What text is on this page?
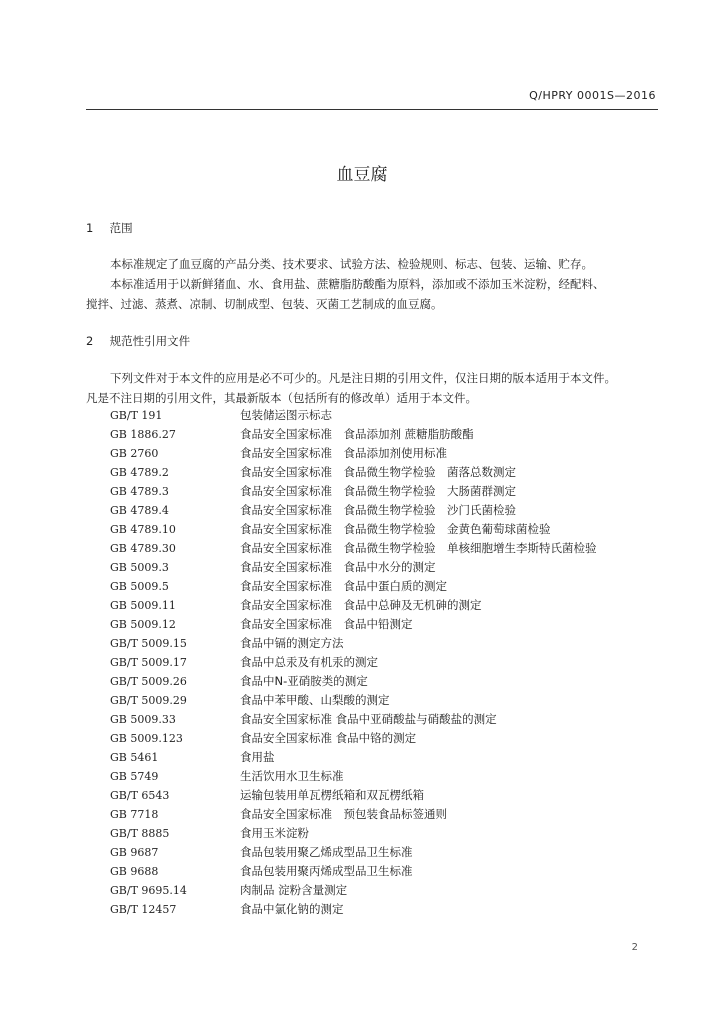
Q/HPRY 0001S—2016
血豆腐
1 范围
本标准规定了血豆腐的产品分类、技术要求、试验方法、检验规则、标志、包装、运输、贮存。
本标准适用于以新鲜猪血、水、食用盐、蔗糖脂肪酸酯为原料，添加或不添加玉米淀粉，经配料、
搅拌、过滤、蒸煮、凉制、切制成型、包装、灭菌工艺制成的血豆腐。
2 规范性引用文件
下列文件对于本文件的应用是必不可少的。凡是注日期的引用文件，仅注日期的版本适用于本文件。
凡是不注日期的引用文件，其最新版本（包括所有的修改单）适用于本文件。
GB/T 191	包装储运图示标志
GB 1886.27	食品安全国家标准　食品添加剂 蔗糖脂肪酸酯
GB 2760	食品安全国家标准　食品添加剂使用标准
GB 4789.2	食品安全国家标准　食品微生物学检验　菌落总数测定
GB 4789.3	食品安全国家标准　食品微生物学检验　大肠菌群测定
GB 4789.4	食品安全国家标准　食品微生物学检验　沙门氏菌检验
GB 4789.10	食品安全国家标准　食品微生物学检验　金黄色葡萄球菌检验
GB 4789.30	食品安全国家标准　食品微生物学检验　单核细胞增生李斯特氏菌检验
GB 5009.3	食品安全国家标准　食品中水分的测定
GB 5009.5	食品安全国家标准　食品中蛋白质的测定
GB 5009.11	食品安全国家标准　食品中总砷及无机砷的测定
GB 5009.12	食品安全国家标准　食品中铅测定
GB/T 5009.15	食品中镉的测定方法
GB/T 5009.17	食品中总汞及有机汞的测定
GB/T 5009.26	食品中N-亚硝胺类的测定
GB/T 5009.29	食品中苯甲酸、山梨酸的测定
GB 5009.33	食品安全国家标准 食品中亚硝酸盐与硝酸盐的测定
GB 5009.123	食品安全国家标准 食品中铬的测定
GB 5461	食用盐
GB 5749	生活饮用水卫生标准
GB/T 6543	运输包装用单瓦楞纸箱和双瓦楞纸箱
GB 7718	食品安全国家标准　预包装食品标签通则
GB/T 8885	食用玉米淀粉
GB 9687	食品包装用聚乙烯成型品卫生标准
GB 9688	食品包装用聚丙烯成型品卫生标准
GB/T 9695.14	肉制品 淀粉含量测定
GB/T 12457	食品中氯化钠的测定
2
